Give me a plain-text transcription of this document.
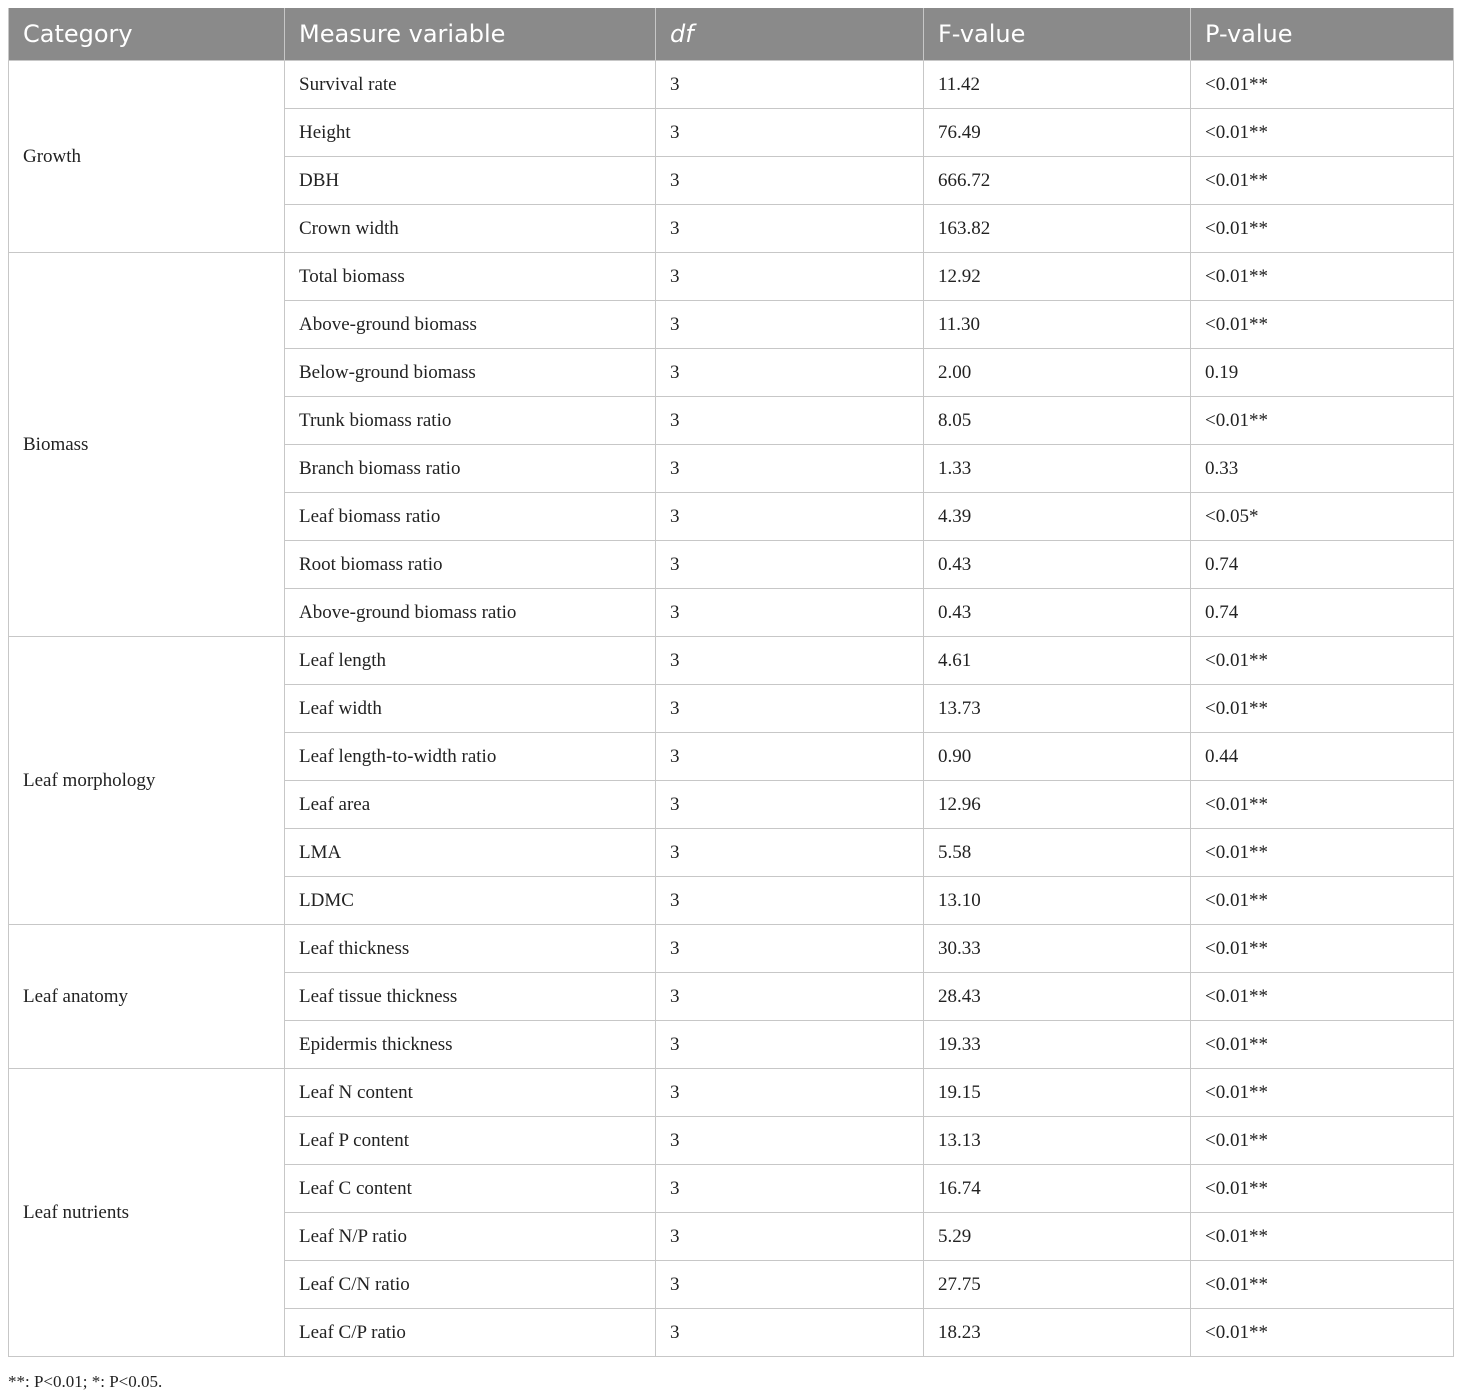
Category	Measure variable	df	F-value	P-value
Growth	Survival rate	3	11.42	<0.01**
	Height	3	76.49	<0.01**
	DBH	3	666.72	<0.01**
	Crown width	3	163.82	<0.01**
Biomass	Total biomass	3	12.92	<0.01**
	Above-ground biomass	3	11.30	<0.01**
	Below-ground biomass	3	2.00	0.19
	Trunk biomass ratio	3	8.05	<0.01**
	Branch biomass ratio	3	1.33	0.33
	Leaf biomass ratio	3	4.39	<0.05*
	Root biomass ratio	3	0.43	0.74
	Above-ground biomass ratio	3	0.43	0.74
Leaf morphology	Leaf length	3	4.61	<0.01**
	Leaf width	3	13.73	<0.01**
	Leaf length-to-width ratio	3	0.90	0.44
	Leaf area	3	12.96	<0.01**
	LMA	3	5.58	<0.01**
	LDMC	3	13.10	<0.01**
Leaf anatomy	Leaf thickness	3	30.33	<0.01**
	Leaf tissue thickness	3	28.43	<0.01**
	Epidermis thickness	3	19.33	<0.01**
Leaf nutrients	Leaf N content	3	19.15	<0.01**
	Leaf P content	3	13.13	<0.01**
	Leaf C content	3	16.74	<0.01**
	Leaf N/P ratio	3	5.29	<0.01**
	Leaf C/N ratio	3	27.75	<0.01**
	Leaf C/P ratio	3	18.23	<0.01**
**: P<0.01; *: P<0.05.
